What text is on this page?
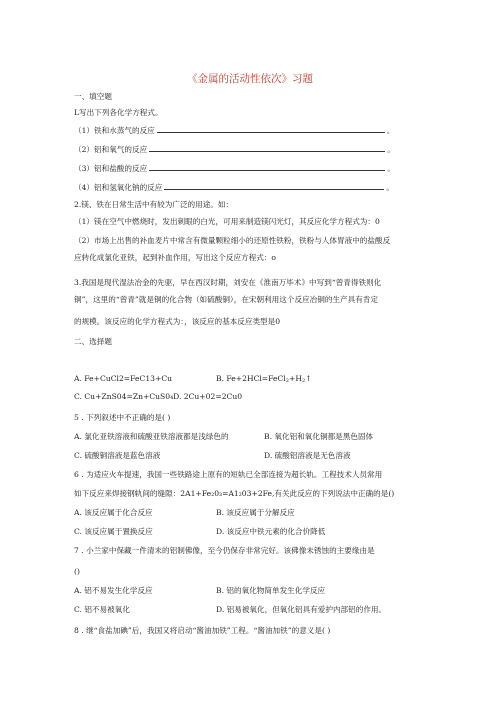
《金属的活动性依次》习题
一、填空题
L写出下列各化学方程式。
（1）铁和水蒸气的反应	。
（2）铝和氧气的反应	。
（3）铝和盐酸的反应	。
（4）铝和氢氧化钠的反应	。
2.镁、铁在日常生活中有较为广泛的用途。如：
（1）镁在空气中燃烧时，发出刺眼的白光，可用来制造镁闪光灯，其反应化学方程式为：0
（2）市场上出售的补血麦片中常含有微量颗粒细小的还原性铁粉，铁粉与人体胃液中的盐酸反
应转化成氯化亚铁，起到补血作用，写出这个反应方程式：o
3.我国是现代湿法冶金的先驱，早在西汉时期，刘安在《淮南万毕术》中写到“曾青得铁则化
铜”，这里的“曾青”就是铜的化合物（如硫酸铜），在宋朝利用这个反应冶铜的生产具有肯定
的规模。该反应的化学方程式为：，该反应的基本反应类型是0
二、选择题
A. Fe+CuCl2=FeC13+Cu	B. $Fe+2HCl=FeCl_2+H_2↑$
C. Cu+ZnS04=Zn+CuS0₄D. 2Cu+02=2Cu0
5 . 下列叙述中不正确的是( )
A. 氯化亚铁溶液和硫酸亚铁溶液都是浅绿色的	B. 氧化铝和氧化铜都是黑色固体
C. 硫酸铜溶液是蓝色溶液	D. 硫酸铝溶液是无色溶液
6 . 为适应火车提速，我国一些铁路途上原有的短轨已全部连接为超长轨。工程技术人员常用
如下反应来焊接钢轨间的缝隙：2A1+Fe₂0₃=A1₂03+2Fe,有关此反应的下列说法中正确的是()
A. 该反应属于化合反应	B. 该反应属于分解反应
C. 该反应属于置换反应	D. 该反应中铁元素的化合价降低
7 . 小兰家中保藏一件清末的铝制佛像，至今仍保存非常完好。该佛像未锈蚀的主要缘由是
()
A. 铝不易发生化学反应	B. 铝的氧化物简单发生化学反应
C. 铝不易被氧化	D. 铝易被氧化，但氧化铝具有爱护内部铝的作用。
8 . 继“食盐加碘”后，我国又将启动“酱油加铁”工程。“酱油加铁”的意义是( )
